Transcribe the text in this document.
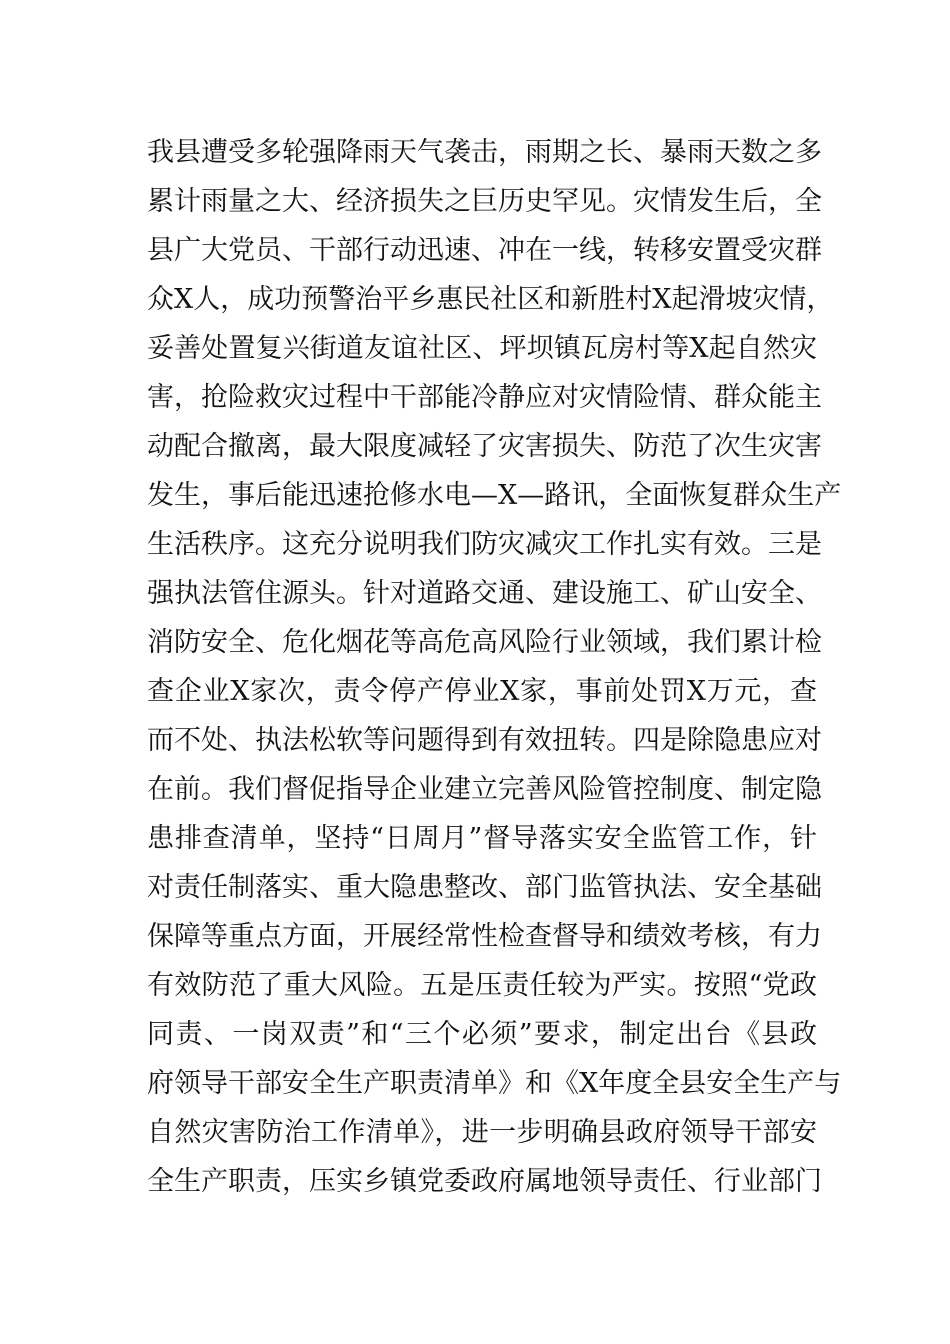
我县遭受多轮强降雨天气袭击，雨期之长、暴雨天数之多
累计雨量之大、经济损失之巨历史罕见。灾情发生后，全
县广大党员、干部行动迅速、冲在一线，转移安置受灾群
众X人，成功预警治平乡惠民社区和新胜村X起滑坡灾情，
妥善处置复兴街道友谊社区、坪坝镇瓦房村等X起自然灾
害，抢险救灾过程中干部能冷静应对灾情险情、群众能主
动配合撤离，最大限度减轻了灾害损失、防范了次生灾害
发生，事后能迅速抢修水电—X—路讯，全面恢复群众生产
生活秩序。这充分说明我们防灾减灾工作扎实有效。三是
强执法管住源头。针对道路交通、建设施工、矿山安全、
消防安全、危化烟花等高危高风险行业领域，我们累计检
查企业X家次，责令停产停业X家，事前处罚X万元，查
而不处、执法松软等问题得到有效扭转。四是除隐患应对
在前。我们督促指导企业建立完善风险管控制度、制定隐
患排查清单，坚持“日周月”督导落实安全监管工作，针
对责任制落实、重大隐患整改、部门监管执法、安全基础
保障等重点方面，开展经常性检查督导和绩效考核，有力
有效防范了重大风险。五是压责任较为严实。按照“党政
同责、一岗双责”和“三个必须”要求，制定出台《县政
府领导干部安全生产职责清单》和《X年度全县安全生产与
自然灾害防治工作清单》，进一步明确县政府领导干部安
全生产职责，压实乡镇党委政府属地领导责任、行业部门
